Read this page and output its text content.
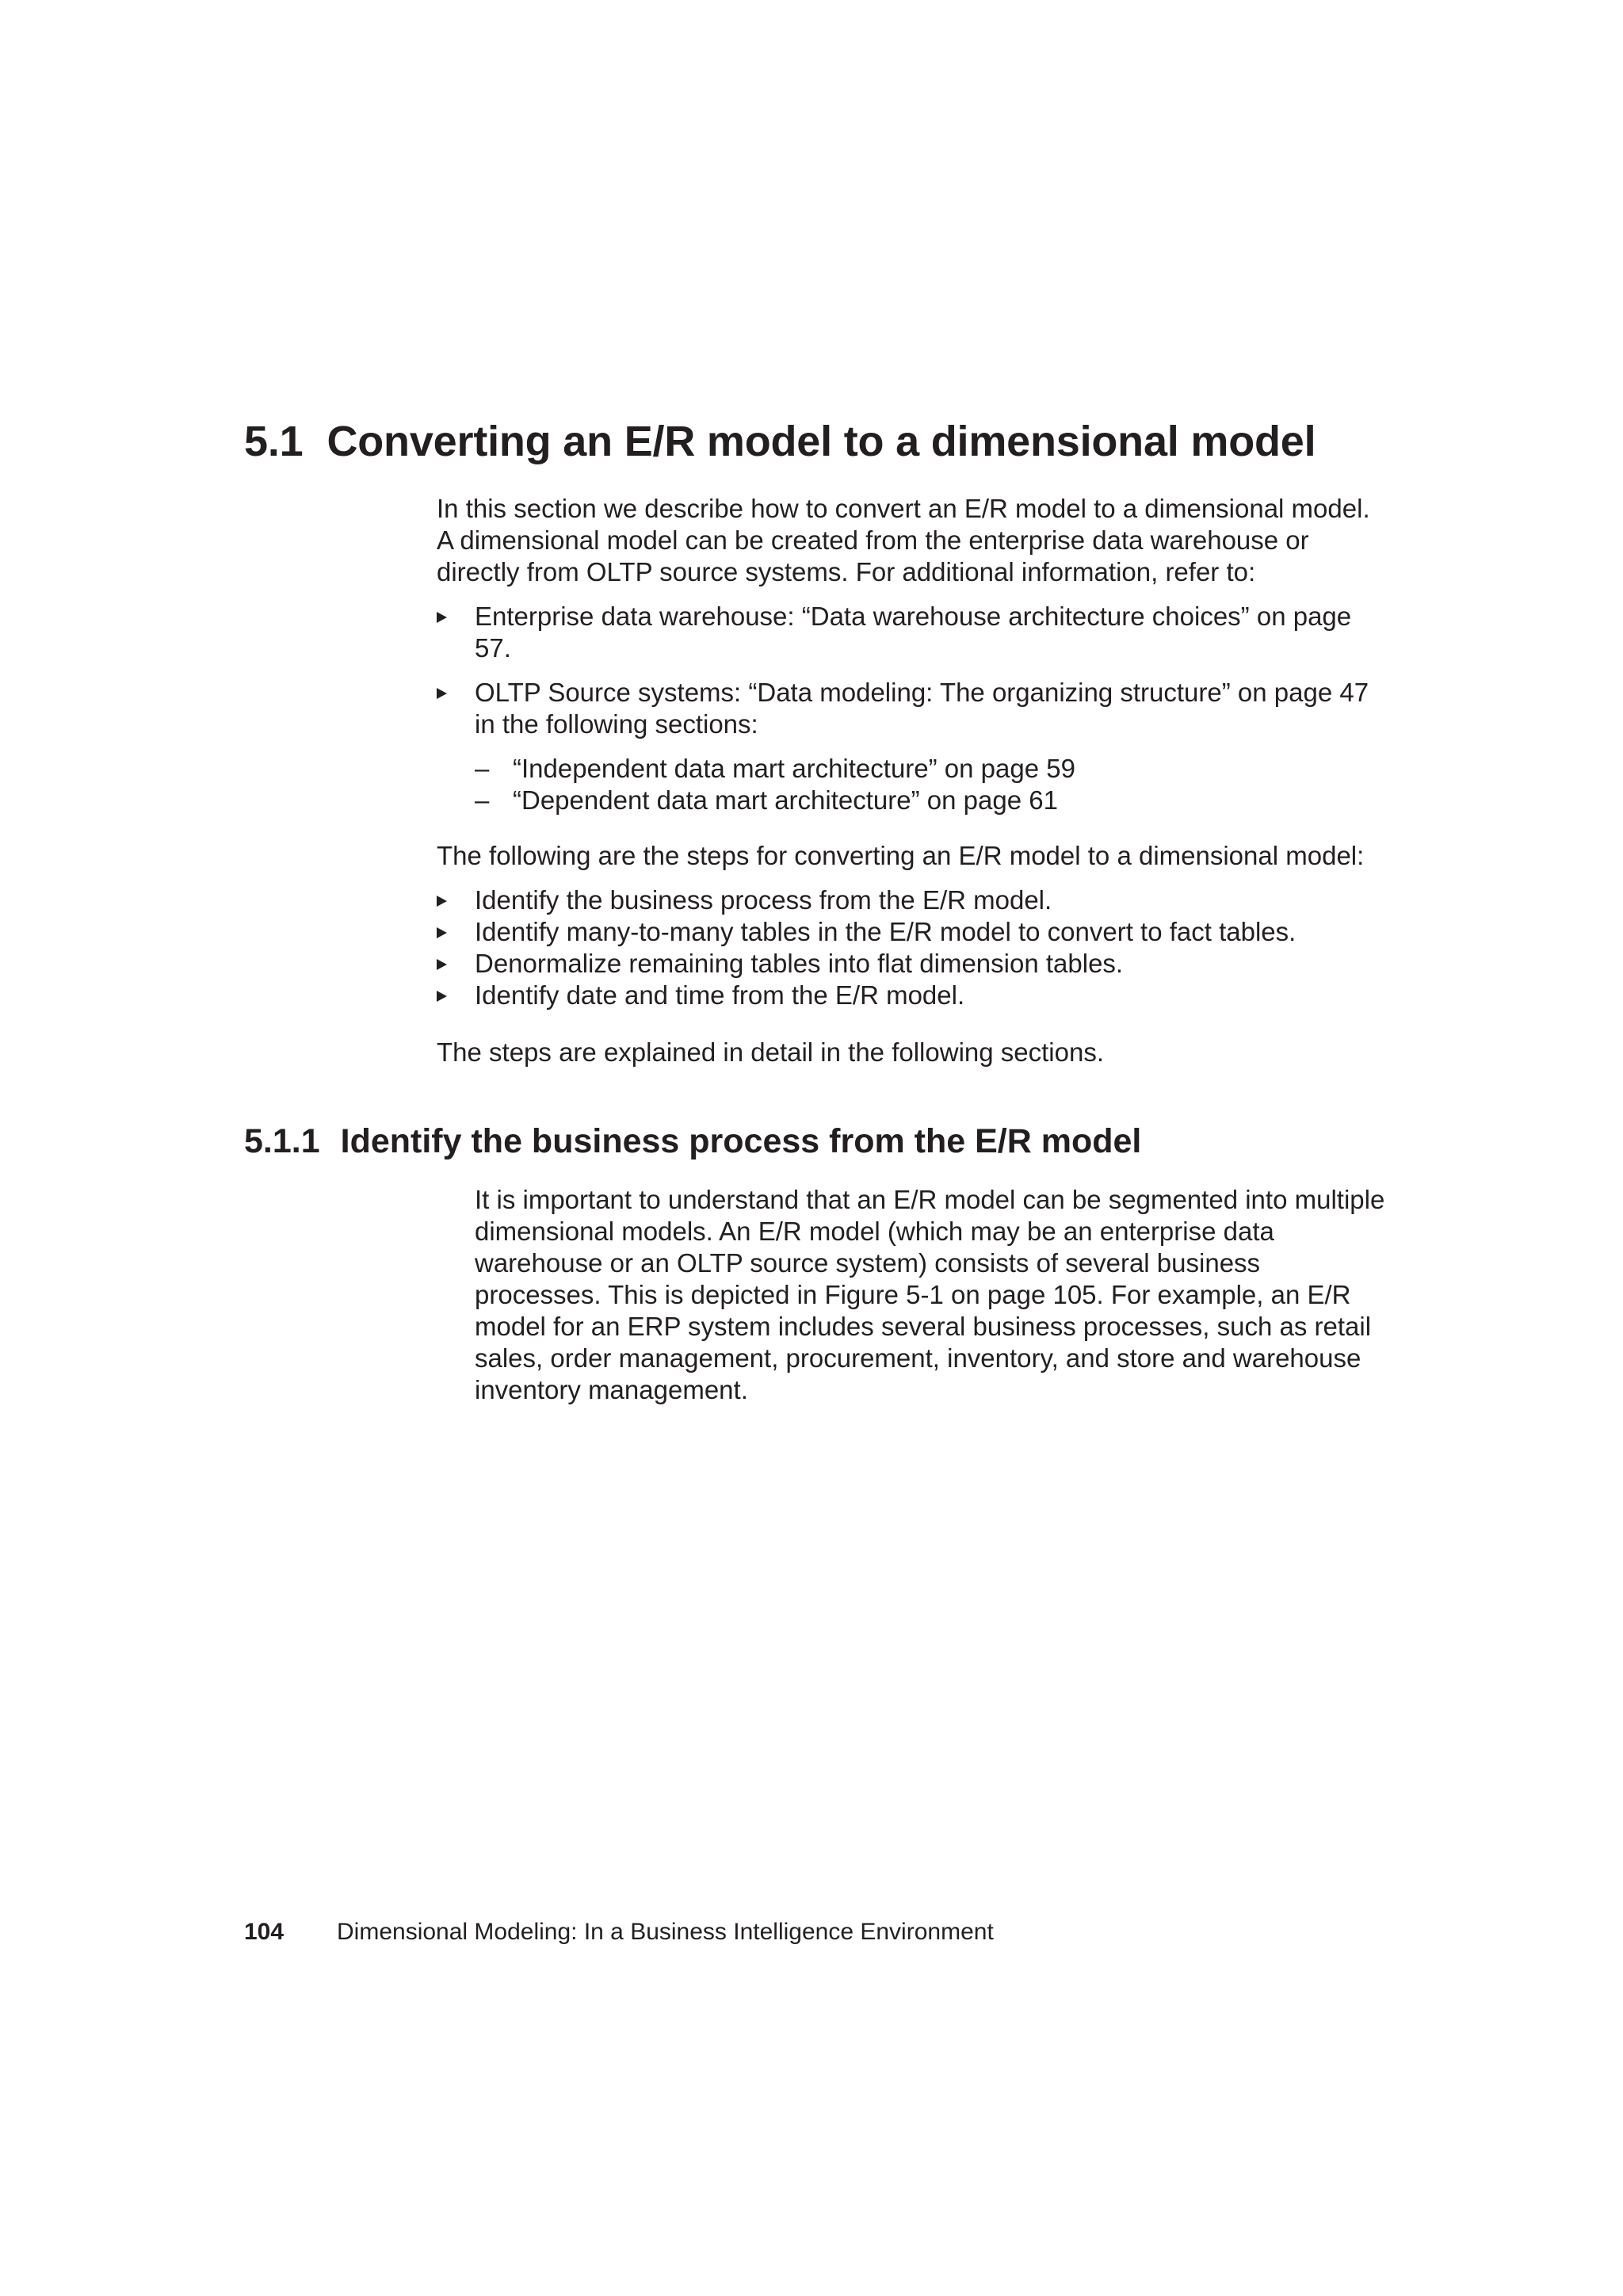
5.1 Converting an E/R model to a dimensional model

In this section we describe how to convert an E/R model to a dimensional model. A dimensional model can be created from the enterprise data warehouse or directly from OLTP source systems. For additional information, refer to:

Enterprise data warehouse: “Data warehouse architecture choices” on page 57.
OLTP Source systems: “Data modeling: The organizing structure” on page 47 in the following sections:
– “Independent data mart architecture” on page 59
– “Dependent data mart architecture” on page 61

The following are the steps for converting an E/R model to a dimensional model:

Identify the business process from the E/R model.
Identify many-to-many tables in the E/R model to convert to fact tables.
Denormalize remaining tables into flat dimension tables.
Identify date and time from the E/R model.

The steps are explained in detail in the following sections.

5.1.1 Identify the business process from the E/R model

It is important to understand that an E/R model can be segmented into multiple dimensional models. An E/R model (which may be an enterprise data warehouse or an OLTP source system) consists of several business processes. This is depicted in Figure 5-1 on page 105. For example, an E/R model for an ERP system includes several business processes, such as retail sales, order management, procurement, inventory, and store and warehouse inventory management.

104 Dimensional Modeling: In a Business Intelligence Environment
